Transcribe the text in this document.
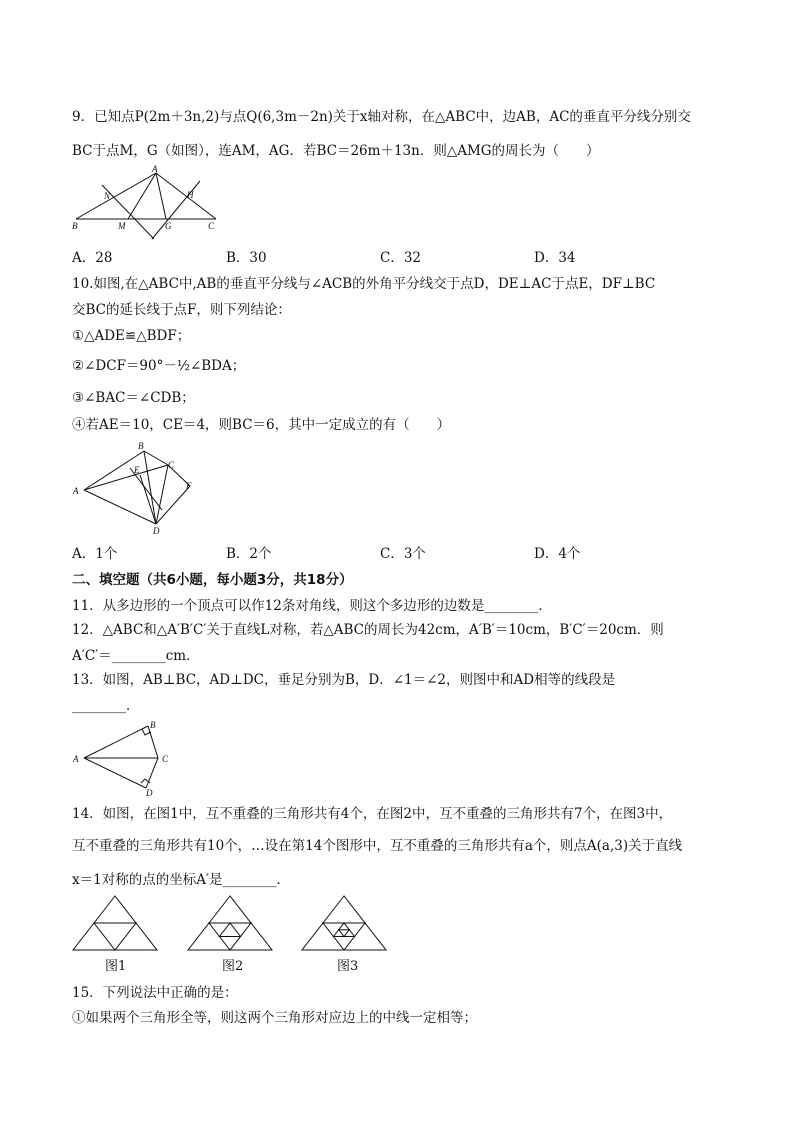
9．已知点P(2m＋3n,2)与点Q(6,3m－2n)关于x轴对称，在△ABC中，边AB，AC的垂直平分线分别交
BC于点M，G（如图），连AM，AG．若BC＝26m＋13n．则△AMG的周长为（　　）
A
B
N
M	G
H
C
A．28	B．30	C．32	D．34
10.如图,在△ABC中,AB的垂直平分线与∠ACB的外角平分线交于点D，DE⊥AC于点E，DF⊥BC
交BC的延长线于点F，则下列结论：
①△ADE≌△BDF；
②∠DCF＝90°－½∠BDA；
③∠BAC＝∠CDB；
④若AE＝10，CE＝4，则BC＝6，其中一定成立的有（　　）
B
C
E
A	F
D
A．1个	B．2个	C．3个	D．4个
二、填空题（共6小题，每小题3分，共18分）
11．从多边形的一个顶点可以作12条对角线，则这个多边形的边数是________．
12．△ABC和△A′B′C′关于直线L对称，若△ABC的周长为42cm，A′B′＝10cm，B′C′＝20cm．则
A′C′＝________cm．
13．如图，AB⊥BC，AD⊥DC，垂足分别为B，D．∠1＝∠2，则图中和AD相等的线段是
________．
B
A	C
D
14．如图，在图1中，互不重叠的三角形共有4个，在图2中，互不重叠的三角形共有7个，在图3中，
互不重叠的三角形共有10个，…设在第14个图形中，互不重叠的三角形共有a个，则点A(a,3)关于直线
x＝1对称的点的坐标A′是________．
图1	图2	图3
15．下列说法中正确的是：
①如果两个三角形全等，则这两个三角形对应边上的中线一定相等；
